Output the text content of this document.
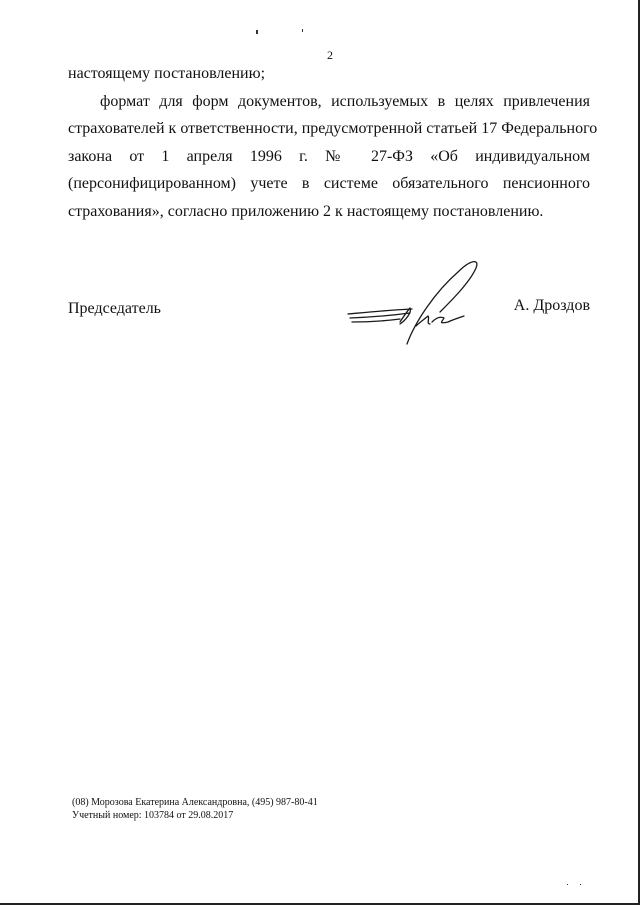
2
настоящему постановлению;
формат для форм документов, используемых в целях привлечения
страхователей к ответственности, предусмотренной статьей 17 Федерального
закона от 1 апреля 1996 г. № 27-ФЗ «Об индивидуальном
(персонифицированном) учете в системе обязательного пенсионного
страхования», согласно приложению 2 к настоящему постановлению.
Председатель	А. Дроздов
(08) Морозова Екатерина Александровна, (495) 987-80-41
Учетный номер: 103784 от 29.08.2017
